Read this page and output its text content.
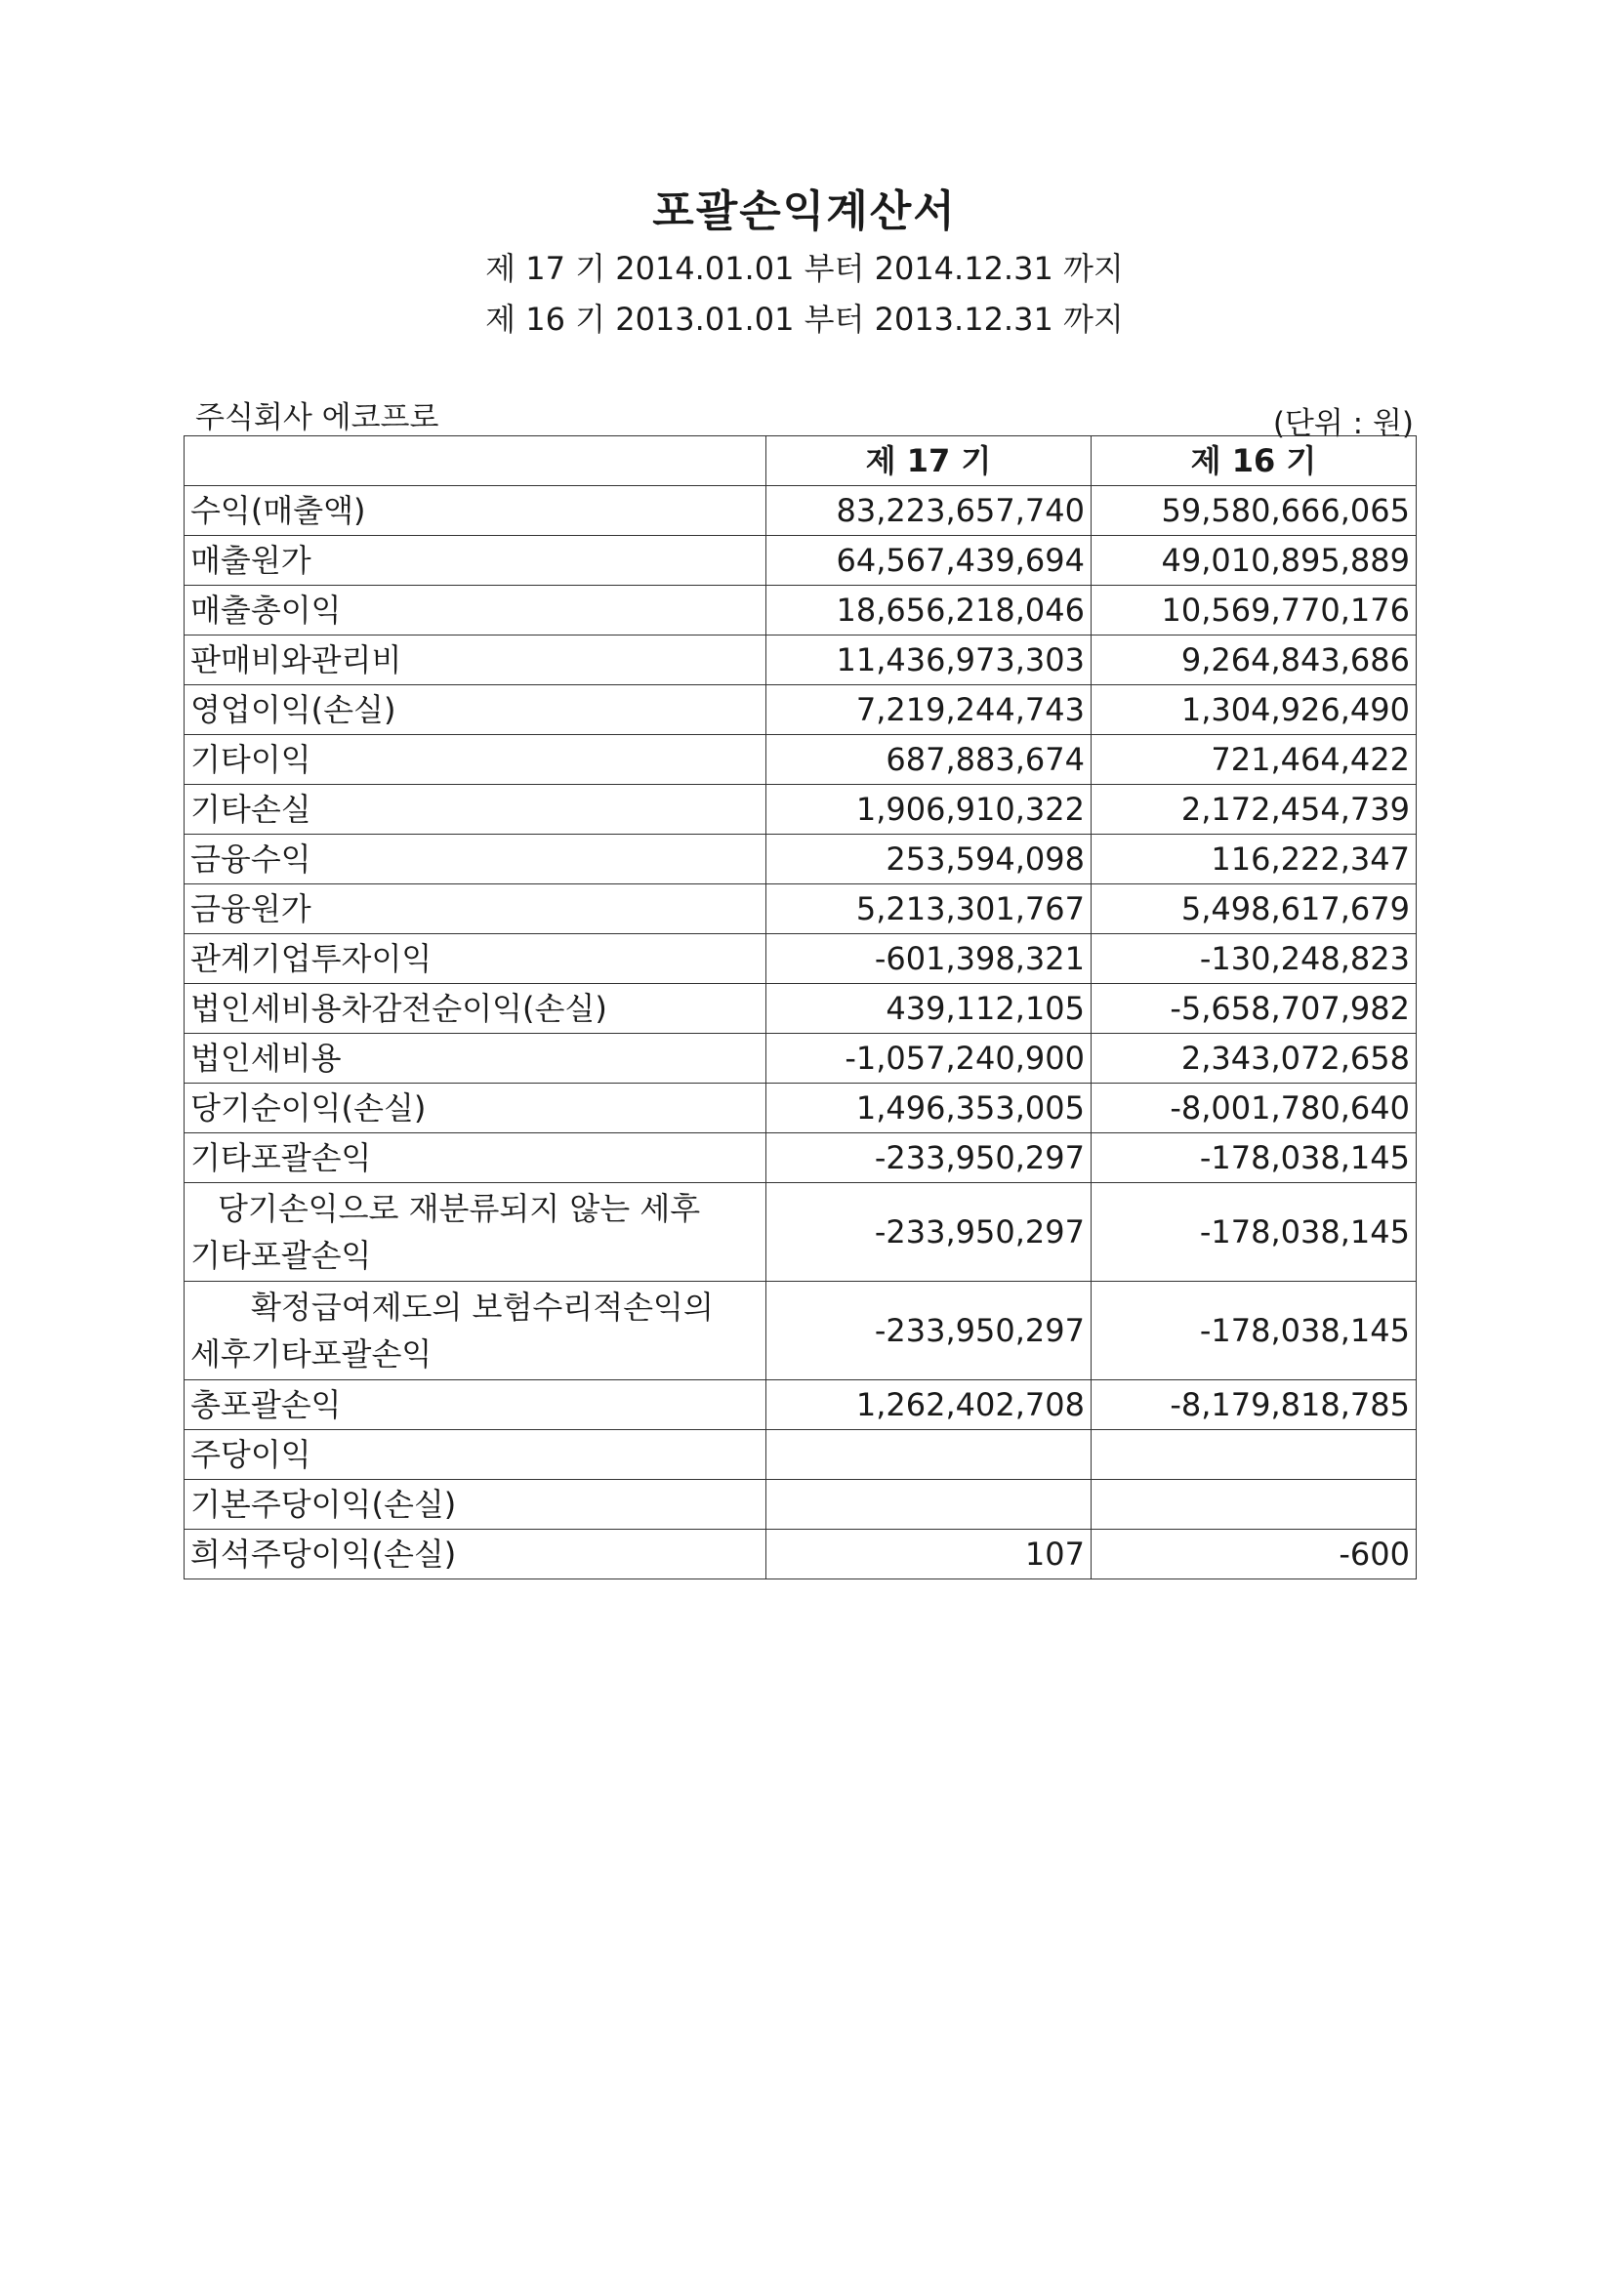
포괄손익계산서
제 17 기 2014.01.01 부터 2014.12.31 까지
제 16 기 2013.01.01 부터 2013.12.31 까지
주식회사 에코프로	(단위 : 원)
	제 17 기	제 16 기
수익(매출액)	83,223,657,740	59,580,666,065
매출원가	64,567,439,694	49,010,895,889
매출총이익	18,656,218,046	10,569,770,176
판매비와관리비	11,436,973,303	9,264,843,686
영업이익(손실)	7,219,244,743	1,304,926,490
기타이익	687,883,674	721,464,422
기타손실	1,906,910,322	2,172,454,739
금융수익	253,594,098	116,222,347
금융원가	5,213,301,767	5,498,617,679
관계기업투자이익	-601,398,321	-130,248,823
법인세비용차감전순이익(손실)	439,112,105	-5,658,707,982
법인세비용	-1,057,240,900	2,343,072,658
당기순이익(손실)	1,496,353,005	-8,001,780,640
기타포괄손익	-233,950,297	-178,038,145

당기손익으로 재분류되지 않는 세후
기타포괄손익	-233,950,297	-178,038,145

확정급여제도의 보험수리적손익의
세후기타포괄손익	-233,950,297	-178,038,145
총포괄손익	1,262,402,708	-8,179,818,785
주당이익		
기본주당이익(손실)		
희석주당이익(손실)	107	-600
